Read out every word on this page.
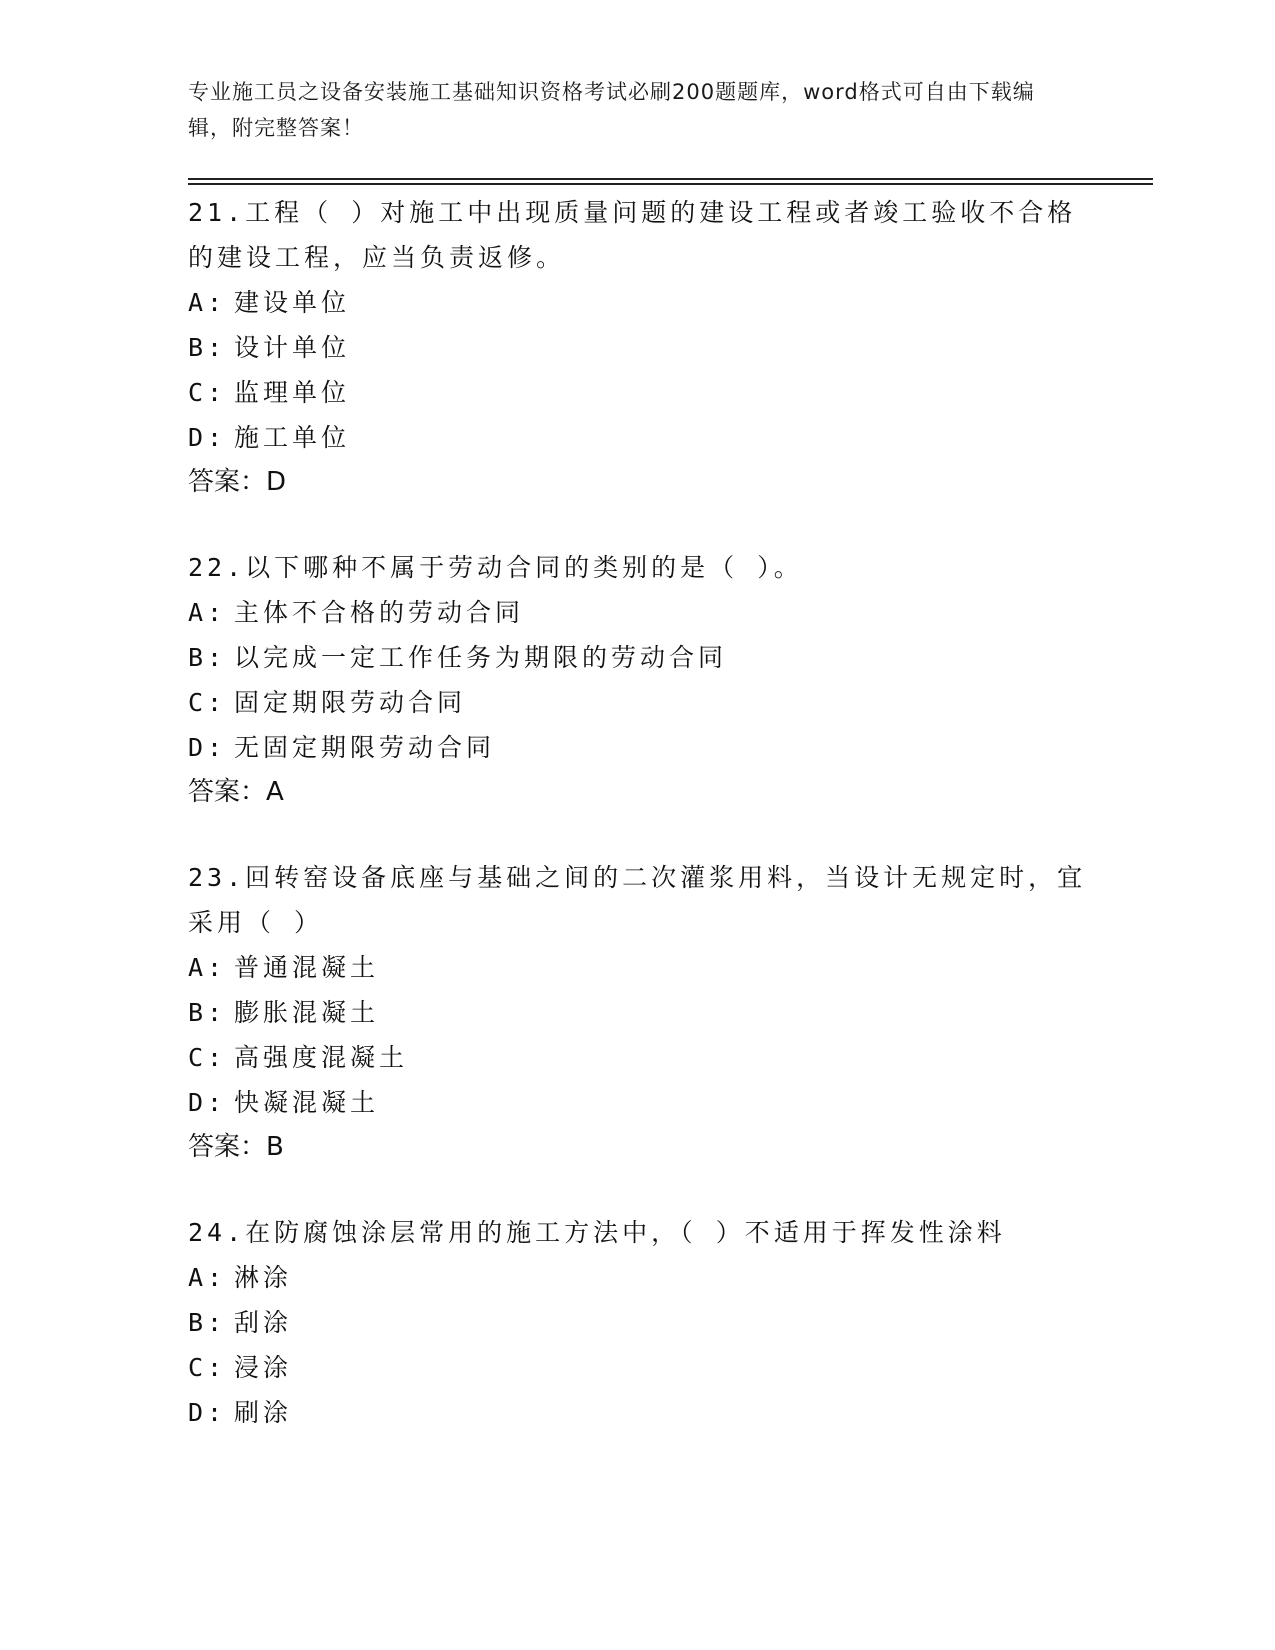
专业施工员之设备安装施工基础知识资格考试必刷200题题库，word格式可自由下载编辑，附完整答案！

21.工程（ ）对施工中出现质量问题的建设工程或者竣工验收不合格的建设工程，应当负责返修。

A: 建设单位
B: 设计单位
C: 监理单位
D: 施工单位
答案：D

22.以下哪种不属于劳动合同的类别的是（ ）。

A: 主体不合格的劳动合同
B: 以完成一定工作任务为期限的劳动合同
C: 固定期限劳动合同
D: 无固定期限劳动合同
答案：A

23.回转窑设备底座与基础之间的二次灌浆用料，当设计无规定时，宜采用（ ）

A: 普通混凝土
B: 膨胀混凝土
C: 高强度混凝土
D: 快凝混凝土
答案：B

24.在防腐蚀涂层常用的施工方法中，（ ）不适用于挥发性涂料

A: 淋涂
B: 刮涂
C: 浸涂
D: 刷涂
